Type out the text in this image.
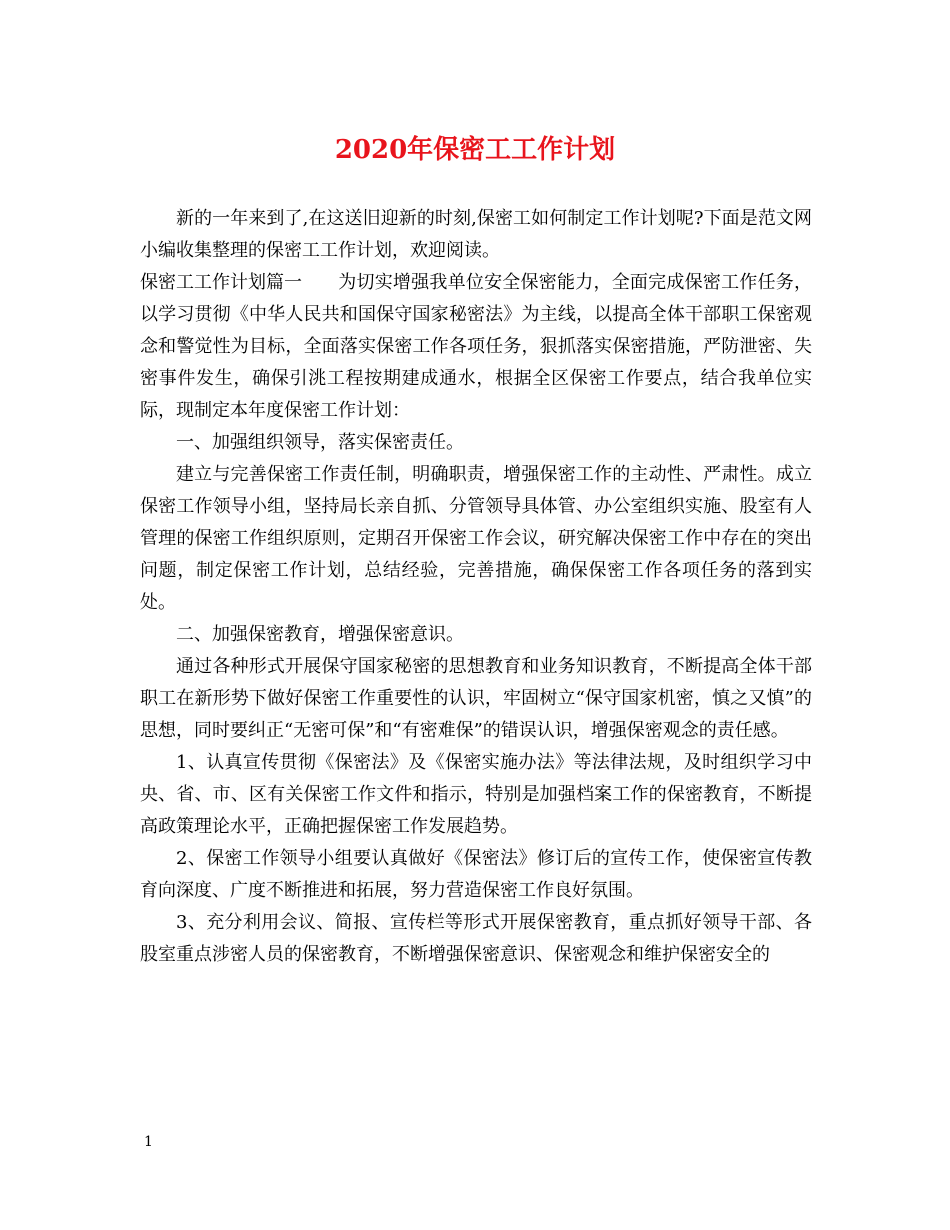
2020年保密工工作计划

新的一年来到了,在这送旧迎新的时刻,保密工如何制定工作计划呢?下面是范文网小编收集整理的保密工工作计划，欢迎阅读。

保密工工作计划篇一 为切实增强我单位安全保密能力，全面完成保密工作任务，以学习贯彻《中华人民共和国保守国家秘密法》为主线，以提高全体干部职工保密观念和警觉性为目标，全面落实保密工作各项任务，狠抓落实保密措施，严防泄密、失密事件发生，确保引洮工程按期建成通水，根据全区保密工作要点，结合我单位实际，现制定本年度保密工作计划：

一、加强组织领导，落实保密责任。

建立与完善保密工作责任制，明确职责，增强保密工作的主动性、严肃性。成立保密工作领导小组，坚持局长亲自抓、分管领导具体管、办公室组织实施、股室有人管理的保密工作组织原则，定期召开保密工作会议，研究解决保密工作中存在的突出问题，制定保密工作计划，总结经验，完善措施，确保保密工作各项任务的落到实处。

二、加强保密教育，增强保密意识。

通过各种形式开展保守国家秘密的思想教育和业务知识教育，不断提高全体干部职工在新形势下做好保密工作重要性的认识，牢固树立“保守国家机密，慎之又慎”的思想，同时要纠正“无密可保”和“有密难保”的错误认识，增强保密观念的责任感。

1、认真宣传贯彻《保密法》及《保密实施办法》等法律法规，及时组织学习中央、省、市、区有关保密工作文件和指示，特别是加强档案工作的保密教育，不断提高政策理论水平，正确把握保密工作发展趋势。

2、保密工作领导小组要认真做好《保密法》修订后的宣传工作，使保密宣传教育向深度、广度不断推进和拓展，努力营造保密工作良好氛围。

3、充分利用会议、简报、宣传栏等形式开展保密教育，重点抓好领导干部、各股室重点涉密人员的保密教育，不断增强保密意识、保密观念和维护保密安全的

1
